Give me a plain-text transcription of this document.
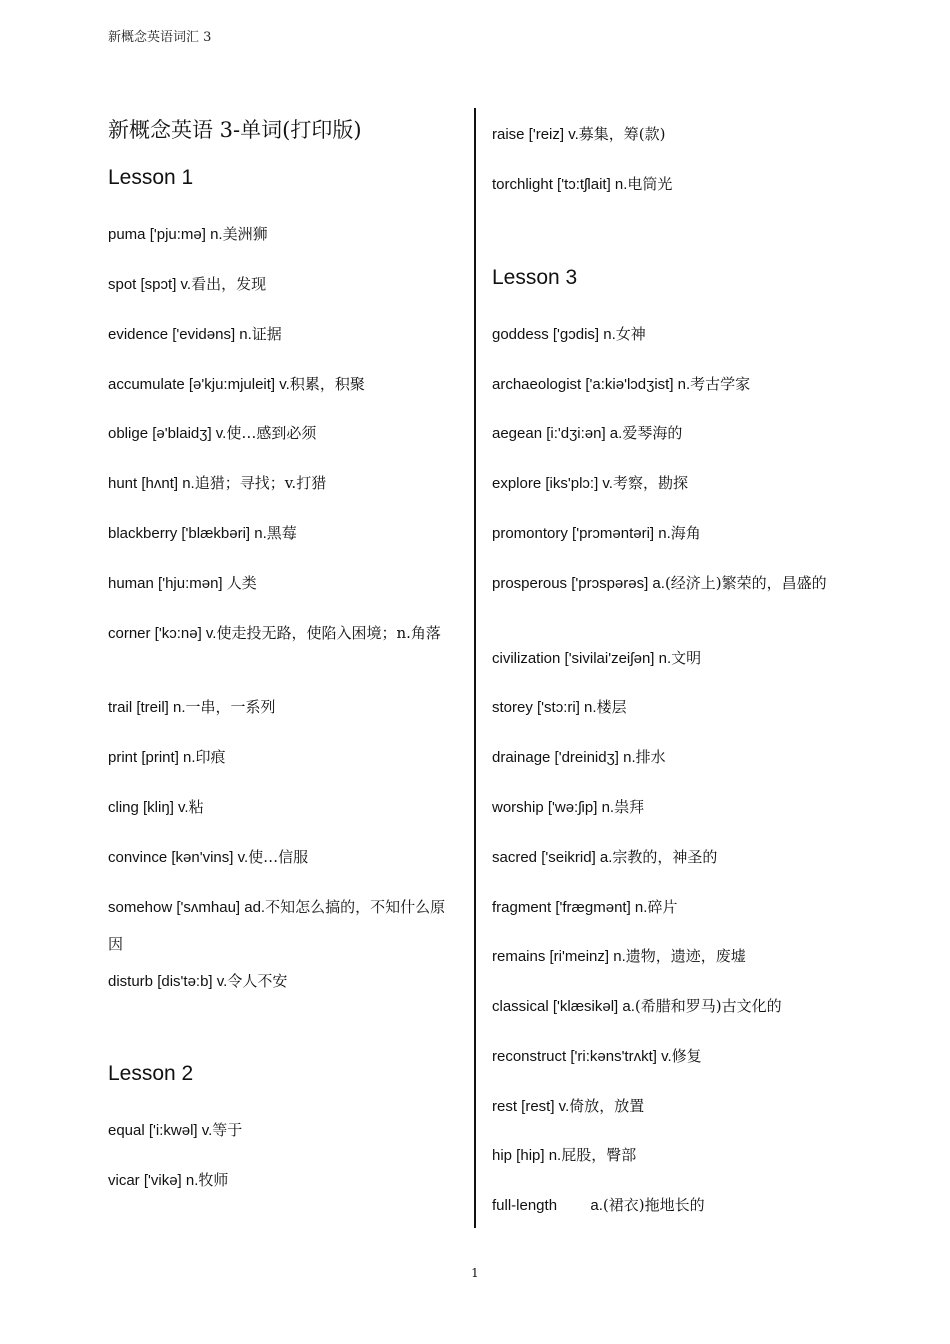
新概念英语词汇 3
新概念英语 3-单词(打印版)
Lesson 1
puma ['pju:mə] n.美洲狮
spot [spɔt] v.看出，发现
evidence ['evidəns] n.证据
accumulate [ə'kju:mjuleit] v.积累，积聚
oblige [ə'blaidʒ] v.使…感到必须
hunt [hʌnt] n.追猎；寻找；v.打猎
blackberry ['blækbəri] n.黑莓
human ['hju:mən] 人类
corner ['kɔ:nə] v.使走投无路，使陷入困境；n.角落
trail [treil] n.一串，一系列
print [print] n.印痕
cling [kliŋ] v.粘
convince [kən'vins] v.使…信服
somehow ['sʌmhau] ad.不知怎么搞的，不知什么原因
disturb [dis'tə:b] v.令人不安
Lesson 2
equal ['i:kwəl] v.等于
vicar ['vikə] n.牧师
raise ['reiz] v.募集，筹(款)
torchlight ['tɔ:tʃlait] n.电筒光
Lesson 3
goddess ['gɔdis] n.女神
archaeologist ['a:kiə'lɔdʒist] n.考古学家
aegean [i:'dʒi:ən] a.爱琴海的
explore [iks'plɔ:] v.考察，勘探
promontory ['prɔməntəri] n.海角
prosperous ['prɔspərəs] a.(经济上)繁荣的，昌盛的
civilization ['sivilai'zeiʃən] n.文明
storey ['stɔ:ri] n.楼层
drainage ['dreinidʒ] n.排水
worship ['wə:ʃip] n.祟拜
sacred ['seikrid] a.宗教的，神圣的
fragment ['frægmənt] n.碎片
remains [ri'meinz] n.遗物，遗迹，废墟
classical ['klæsikəl] a.(希腊和罗马)古文化的
reconstruct ['ri:kəns'trʌkt] v.修复
rest [rest] v.倚放，放置
hip [hip] n.屁股，臀部
full-length        a.(裙衣)拖地长的
1
